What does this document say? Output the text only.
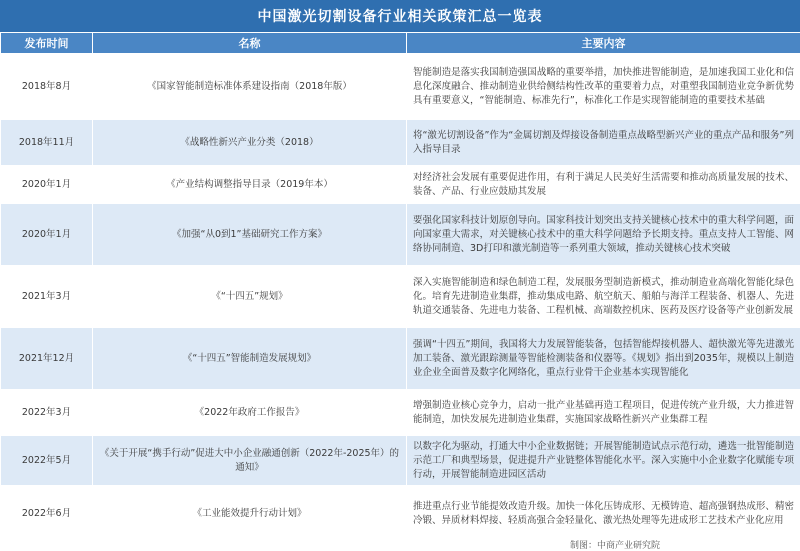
中国激光切割设备行业相关政策汇总一览表
发布时间	名称	主要内容
2018年8月	《国家智能制造标准体系建设指南（2018年版）	智能制造是落实我国制造强国战略的重要举措，加快推进智能制造，是加速我国工业化和信息化深度融合、推动制造业供给侧结构性改革的重要着力点，对重塑我国制造业竞争新优势具有重要意义，“智能制造、标准先行”，标准化工作是实现智能制造的重要技术基础
2018年11月	《战略性新兴产业分类（2018）	将“激光切割设备”作为“金属切割及焊接设备制造重点战略型新兴产业的重点产品和服务”列入指导目录
2020年1月	《产业结构调整指导目录（2019年本）	对经济社会发展有重要促进作用，有利于满足人民美好生活需要和推动高质量发展的技术、装备、产品、行业应鼓励其发展
2020年1月	《加强“从0到1”基础研究工作方案》	要强化国家科技计划原创导向。国家科技计划突出支持关键核心技术中的重大科学问题，面向国家重大需求，对关键核心技术中的重大科学问题给予长期支持。重点支持人工智能、网络协同制造、3D打印和激光制造等一系列重大领域，推动关键核心技术突破
2021年3月	《“十四五”规划》	深入实施智能制造和绿色制造工程，发展服务型制造新模式，推动制造业高端化智能化绿色化。培育先进制造业集群，推动集成电路、航空航天、船舶与海洋工程装备、机器人、先进轨道交通装备、先进电力装备、工程机械、高端数控机床、医药及医疗设备等产业创新发展
2021年12月	《“十四五”智能制造发展规划》	强调“十四五”期间，我国将大力发展智能装备，包括智能焊接机器人、超快激光等先进激光加工装备、激光跟踪测量等智能检测装备和仪器等。《规划》指出到2035年，规模以上制造业企业全面普及数字化网络化，重点行业骨干企业基本实现智能化
2022年3月	《2022年政府工作报告》	增强制造业核心竞争力，启动一批产业基础再造工程项目，促进传统产业升级，大力推进智能制造，加快发展先进制造业集群，实施国家战略性新兴产业集群工程
2022年5月	《关于开展“携手行动”促进大中小企业融通创新（2022年-2025年）的通知》	以数字化为驱动，打通大中小企业数据链；开展智能制造试点示范行动，遴选一批智能制造示范工厂和典型场景，促进提升产业链整体智能化水平。深入实施中小企业数字化赋能专项行动，开展智能制造进园区活动
2022年6月	《工业能效提升行动计划》	推进重点行业节能提效改造升级。加快一体化压铸成形、无模铸造、超高强钢热成形、精密冷锻、异质材料焊接、轻质高强合金轻量化、激光热处理等先进成形工艺技术产业化应用
制图：中商产业研究院
